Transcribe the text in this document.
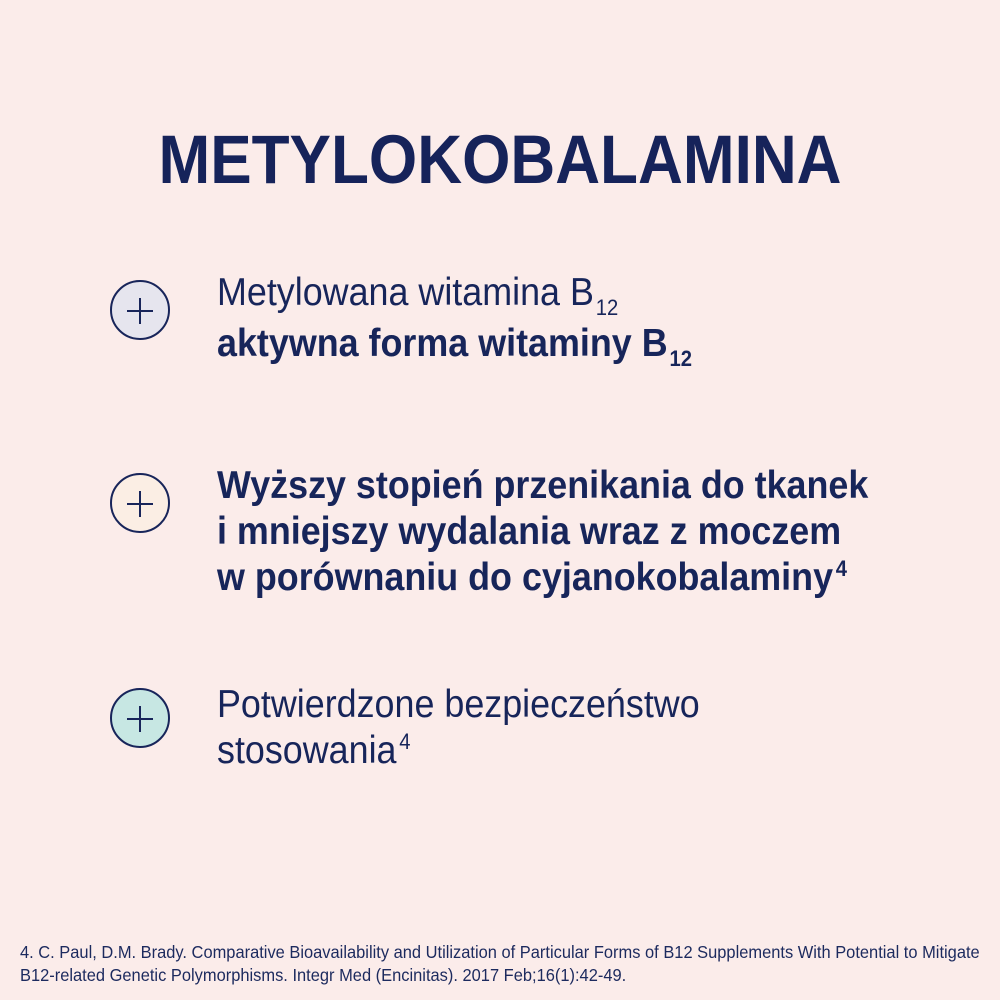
METYLOKOBALAMINA
Metylowana witamina $B_{12}$
aktywna forma witaminy $B_{12}$
Wyższy stopień przenikania do tkanek
i mniejszy wydalania wraz z moczem
w porównaniu do cyjanokobalaminy $^4$
Potwierdzone bezpieczeństwo
stosowania $^4$
4. C. Paul, D.M. Brady. Comparative Bioavailability and Utilization of Particular Forms of B12 Supplements With Potential to Mitigate
B12-related Genetic Polymorphisms. Integr Med (Encinitas). 2017 Feb;16(1):42-49.
